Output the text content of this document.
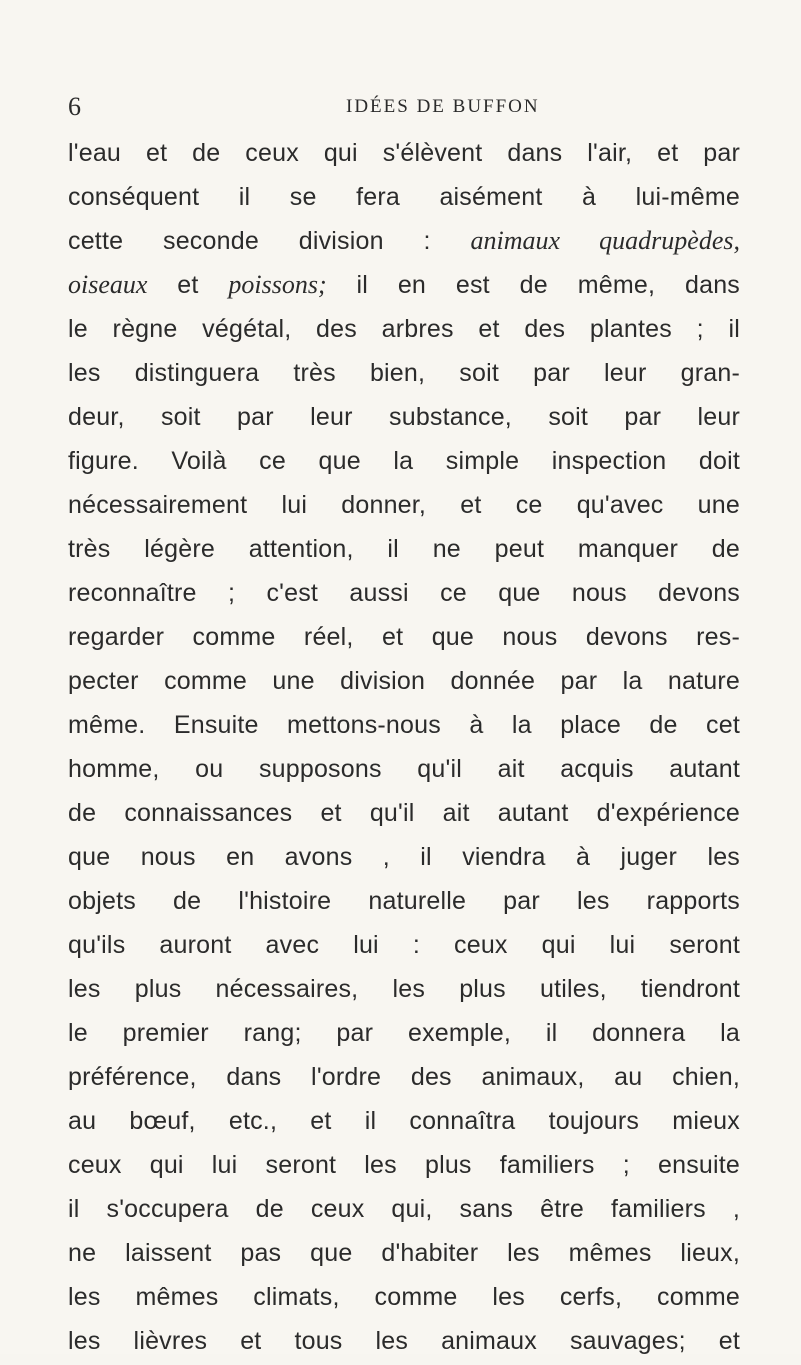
6	IDÉES DE BUFFON
l'eau et de ceux qui s'élèvent dans l'air, et par
conséquent il se fera aisément à lui-même
cette seconde division : animaux quadrupèdes,
oiseaux et poissons; il en est de même, dans
le règne végétal, des arbres et des plantes ; il
les distinguera très bien, soit par leur gran-
deur, soit par leur substance, soit par leur
figure. Voilà ce que la simple inspection doit
nécessairement lui donner, et ce qu'avec une
très légère attention, il ne peut manquer de
reconnaître ; c'est aussi ce que nous devons
regarder comme réel, et que nous devons res-
pecter comme une division donnée par la nature
même. Ensuite mettons-nous à la place de cet
homme, ou supposons qu'il ait acquis autant
de connaissances et qu'il ait autant d'expérience
que nous en avons , il viendra à juger les
objets de l'histoire naturelle par les rapports
qu'ils auront avec lui : ceux qui lui seront
les plus nécessaires, les plus utiles, tiendront
le premier rang; par exemple, il donnera la
préférence, dans l'ordre des animaux, au chien,
au bœuf, etc., et il connaîtra toujours mieux
ceux qui lui seront les plus familiers ; ensuite
il s'occupera de ceux qui, sans être familiers ,
ne laissent pas que d'habiter les mêmes lieux,
les mêmes climats, comme les cerfs, comme
les lièvres et tous les animaux sauvages; et
